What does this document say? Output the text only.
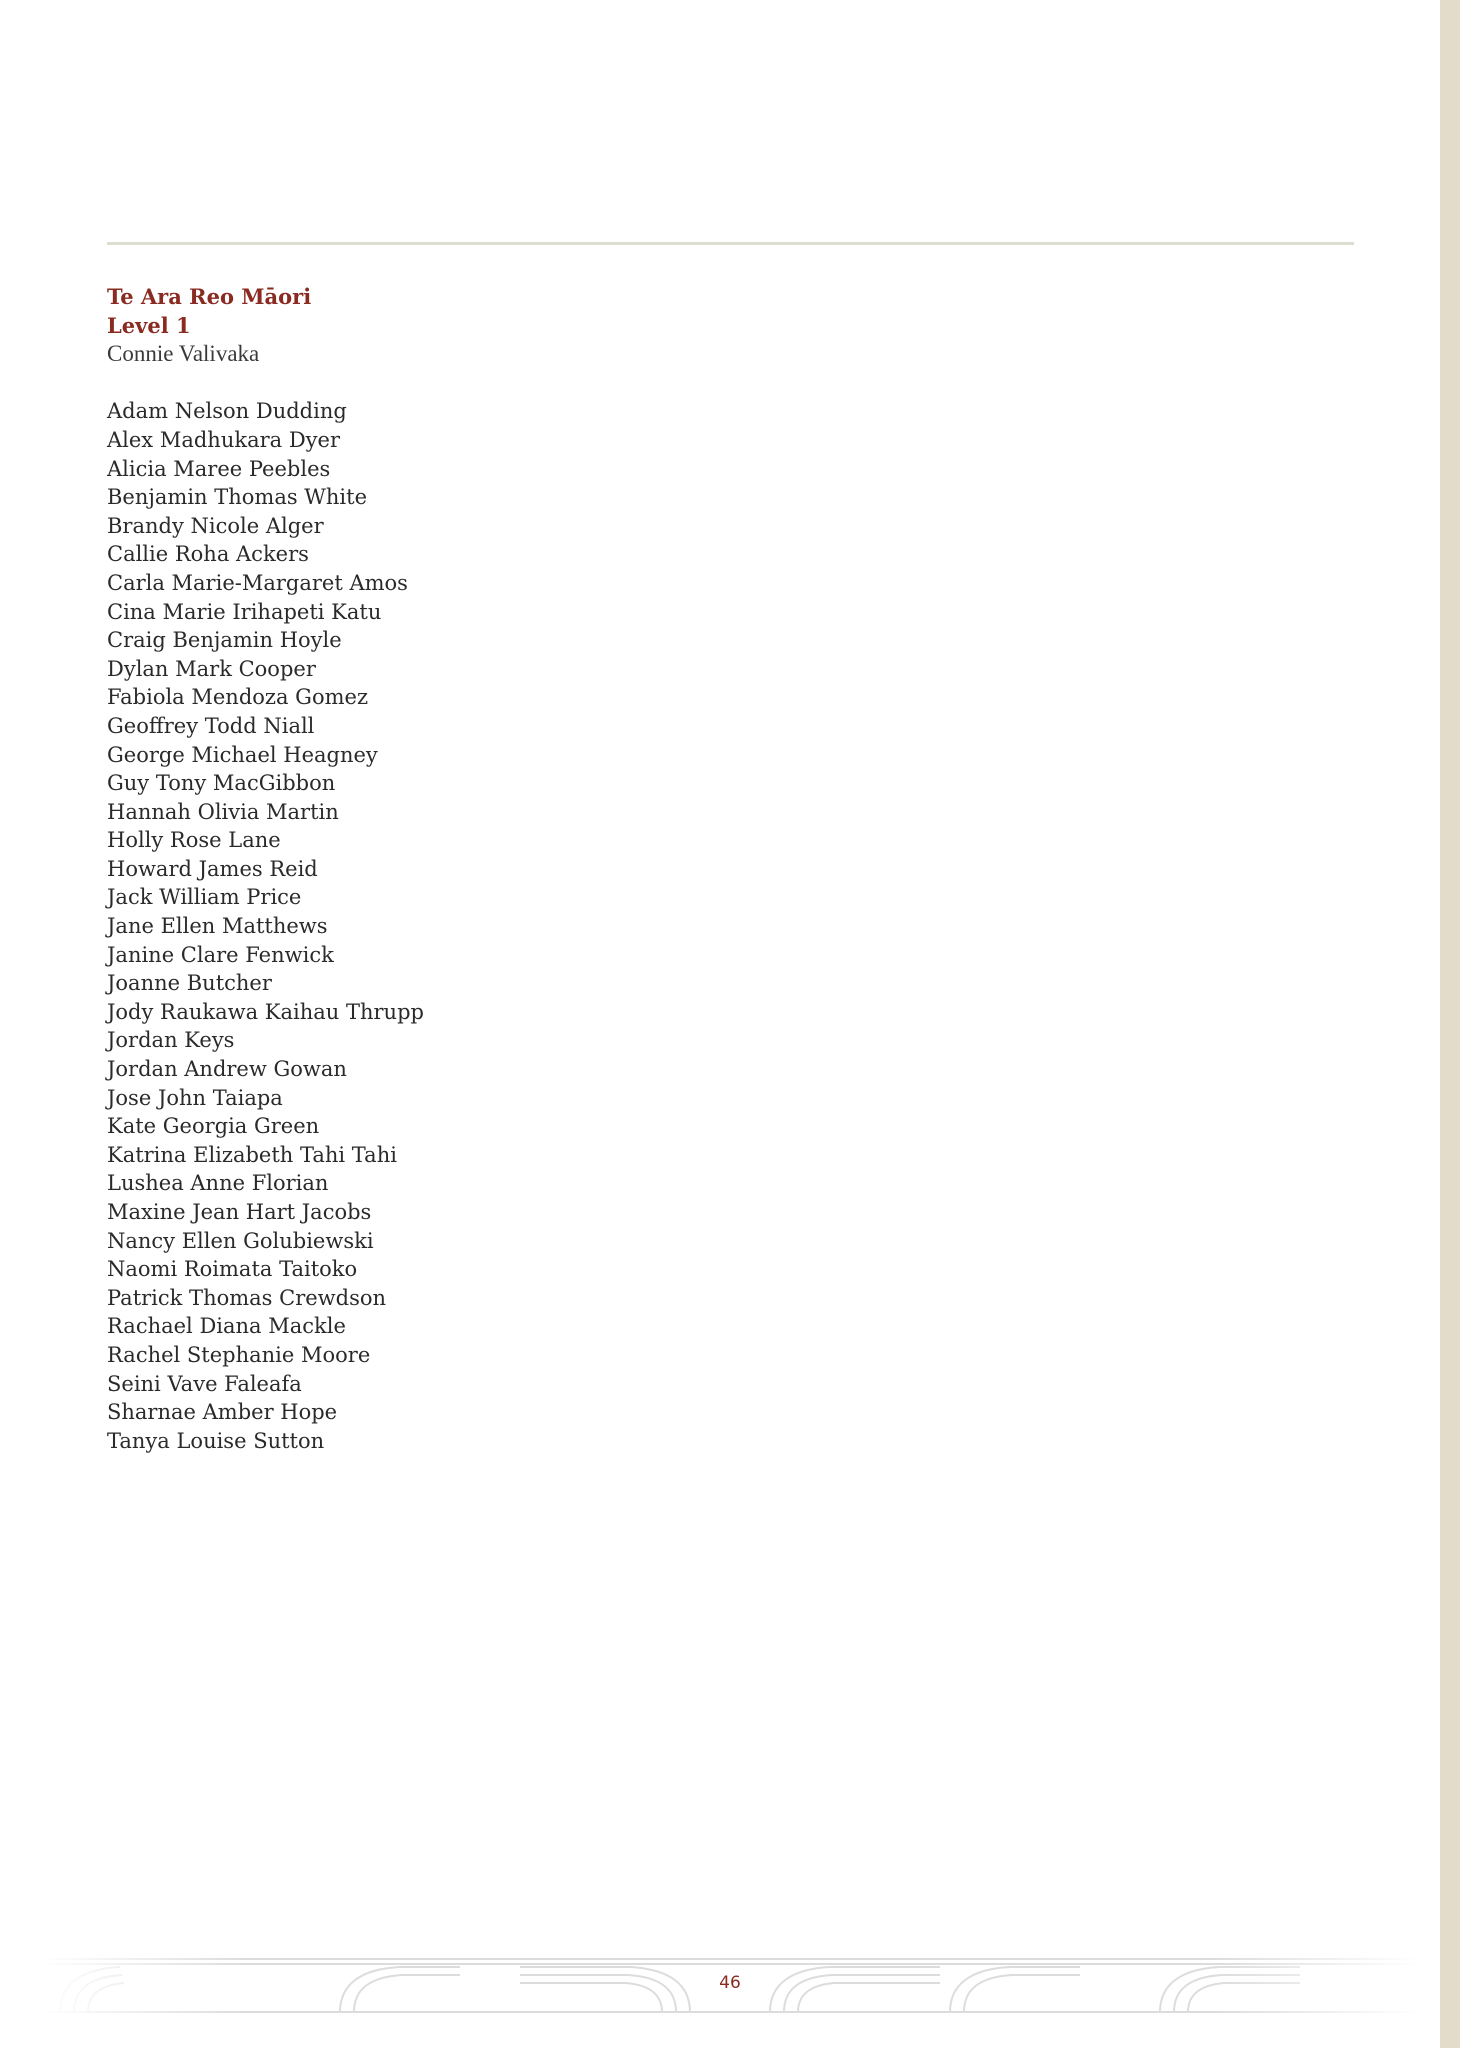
Te Ara Reo Māori
Level 1
Connie Valivaka
Adam Nelson Dudding
Alex Madhukara Dyer
Alicia Maree Peebles
Benjamin Thomas White
Brandy Nicole Alger
Callie Roha Ackers
Carla Marie-Margaret Amos
Cina Marie Irihapeti Katu
Craig Benjamin Hoyle
Dylan Mark Cooper
Fabiola Mendoza Gomez
Geoffrey Todd Niall
George Michael Heagney
Guy Tony MacGibbon
Hannah Olivia Martin
Holly Rose Lane
Howard James Reid
Jack William Price
Jane Ellen Matthews
Janine Clare Fenwick
Joanne Butcher
Jody Raukawa Kaihau Thrupp
Jordan Keys
Jordan Andrew Gowan
Jose John Taiapa
Kate Georgia Green
Katrina Elizabeth Tahi Tahi
Lushea Anne Florian
Maxine Jean Hart Jacobs
Nancy Ellen Golubiewski
Naomi Roimata Taitoko
Patrick Thomas Crewdson
Rachael Diana Mackle
Rachel Stephanie Moore
Seini Vave Faleafa
Sharnae Amber Hope
Tanya Louise Sutton
46
